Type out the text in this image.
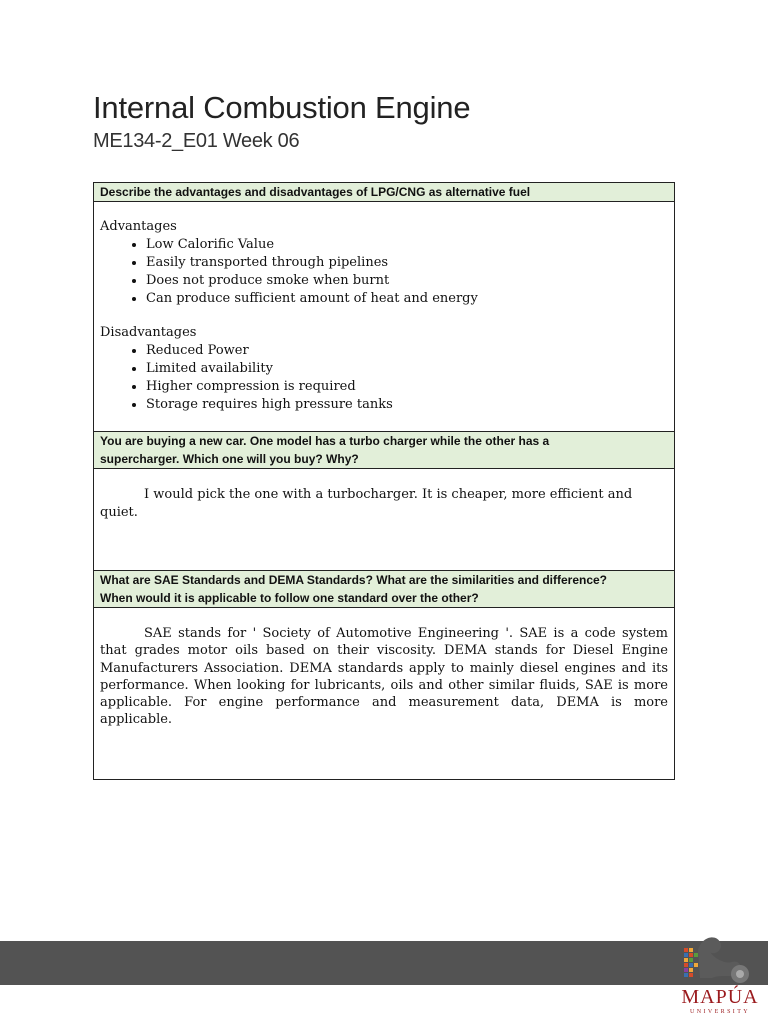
Internal Combustion Engine
ME134-2_E01 Week 06
Describe the advantages and disadvantages of LPG/CNG as alternative fuel

Advantages

• Low Calorific Value
• Easily transported through pipelines
• Does not produce smoke when burnt
• Can produce sufficient amount of heat and energy

Disadvantages

• Reduced Power
• Limited availability
• Higher compression is required
• Storage requires high pressure tanks
You are buying a new car. One model has a turbo charger while the other has a
supercharger. Which one will you buy? Why?

I would pick the one with a turbocharger. It is cheaper, more efficient and quiet.

What are SAE Standards and DEMA Standards? What are the similarities and difference?
When would it is applicable to follow one standard over the other?

SAE stands for ' Society of Automotive Engineering '. SAE is a code system that grades motor oils based on their viscosity. DEMA stands for Diesel Engine Manufacturers Association. DEMA standards apply to mainly diesel engines and its performance. When looking for lubricants, oils and other similar fluids, SAE is more applicable. For engine performance and measurement data, DEMA is more applicable.

MAPÚA
UNIVERSITY
